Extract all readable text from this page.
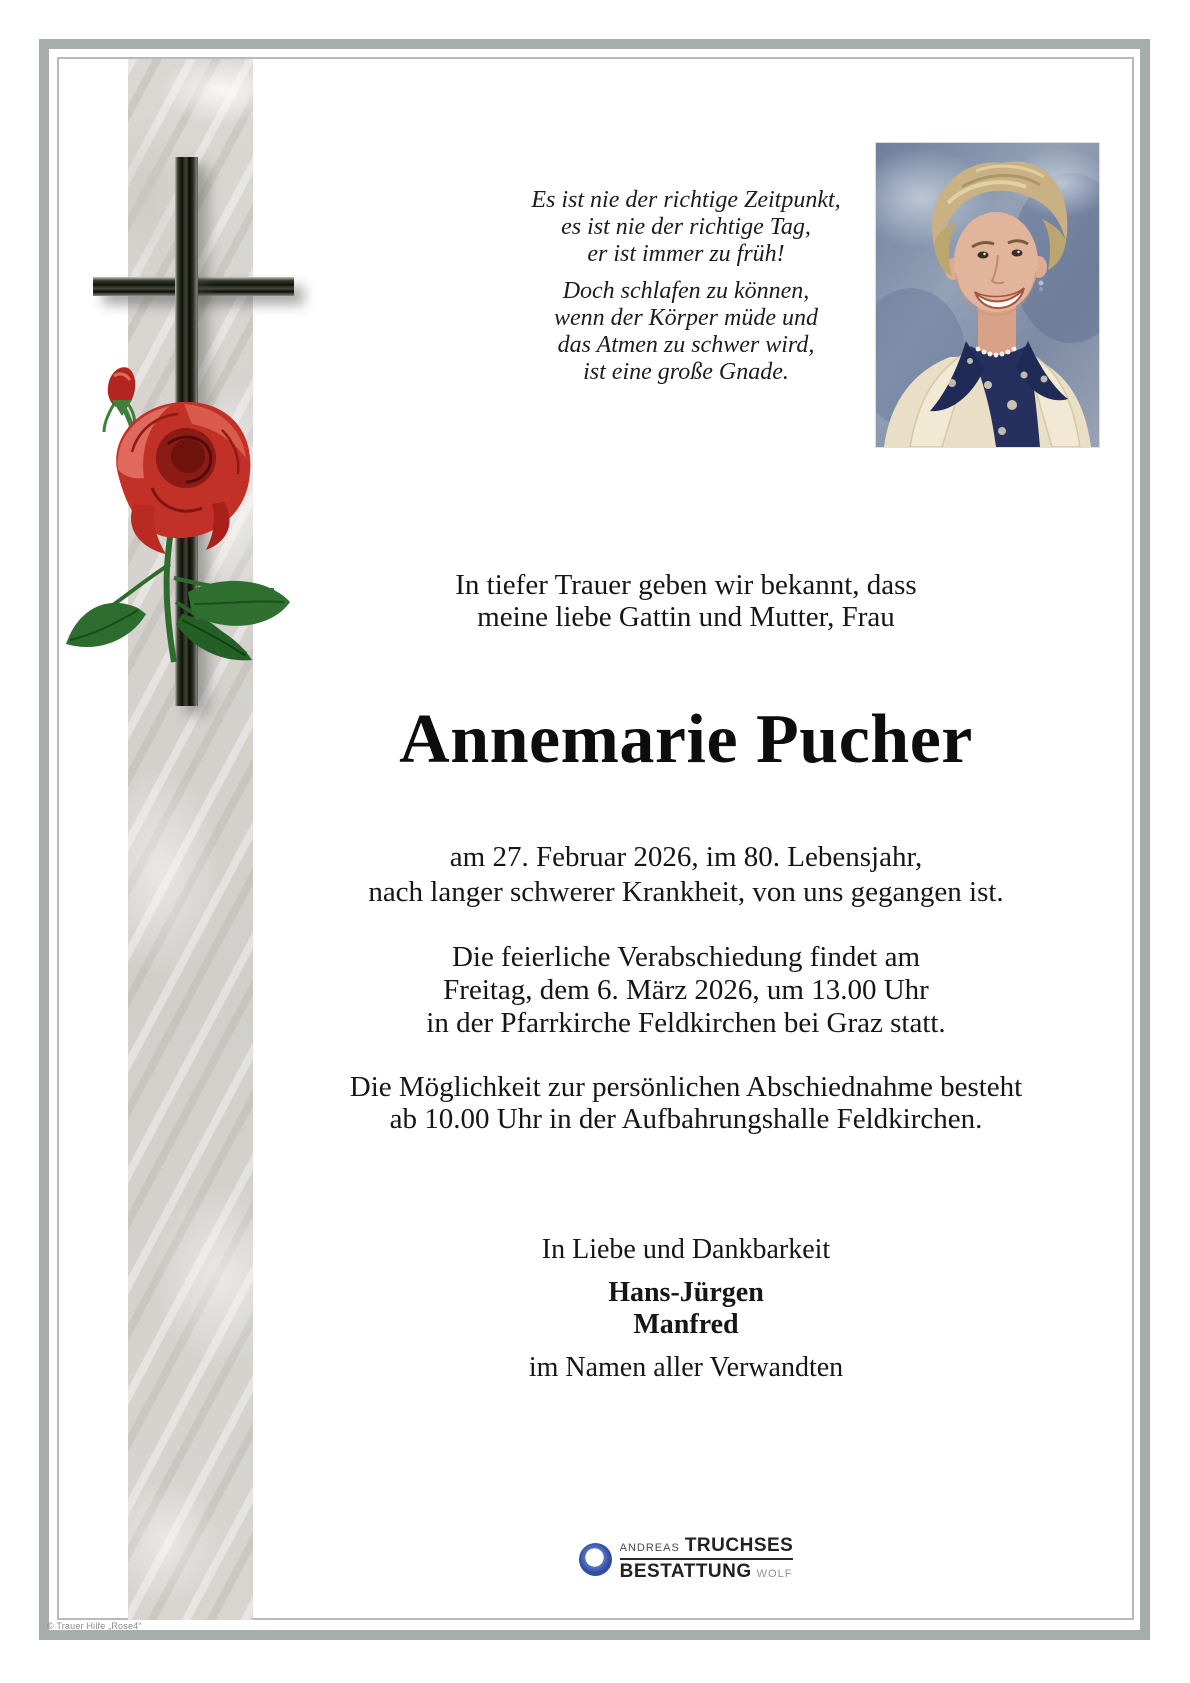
Es ist nie der richtige Zeitpunkt,
es ist nie der richtige Tag,
er ist immer zu früh!
Doch schlafen zu können,
wenn der Körper müde und
das Atmen zu schwer wird,
ist eine große Gnade.
In tiefer Trauer geben wir bekannt, dass
meine liebe Gattin und Mutter, Frau
Annemarie Pucher
am 27. Februar 2026, im 80. Lebensjahr,
nach langer schwerer Krankheit, von uns gegangen ist.
Die feierliche Verabschiedung findet am
Freitag, dem 6. März 2026, um 13.00 Uhr
in der Pfarrkirche Feldkirchen bei Graz statt.
Die Möglichkeit zur persönlichen Abschiednahme besteht
ab 10.00 Uhr in der Aufbahrungshalle Feldkirchen.
In Liebe und Dankbarkeit
Hans-Jürgen
Manfred
im Namen aller Verwandten
ANDREAS TRUCHSES
BESTATTUNG WOLF
© Trauer Hilfe „Rose4“
